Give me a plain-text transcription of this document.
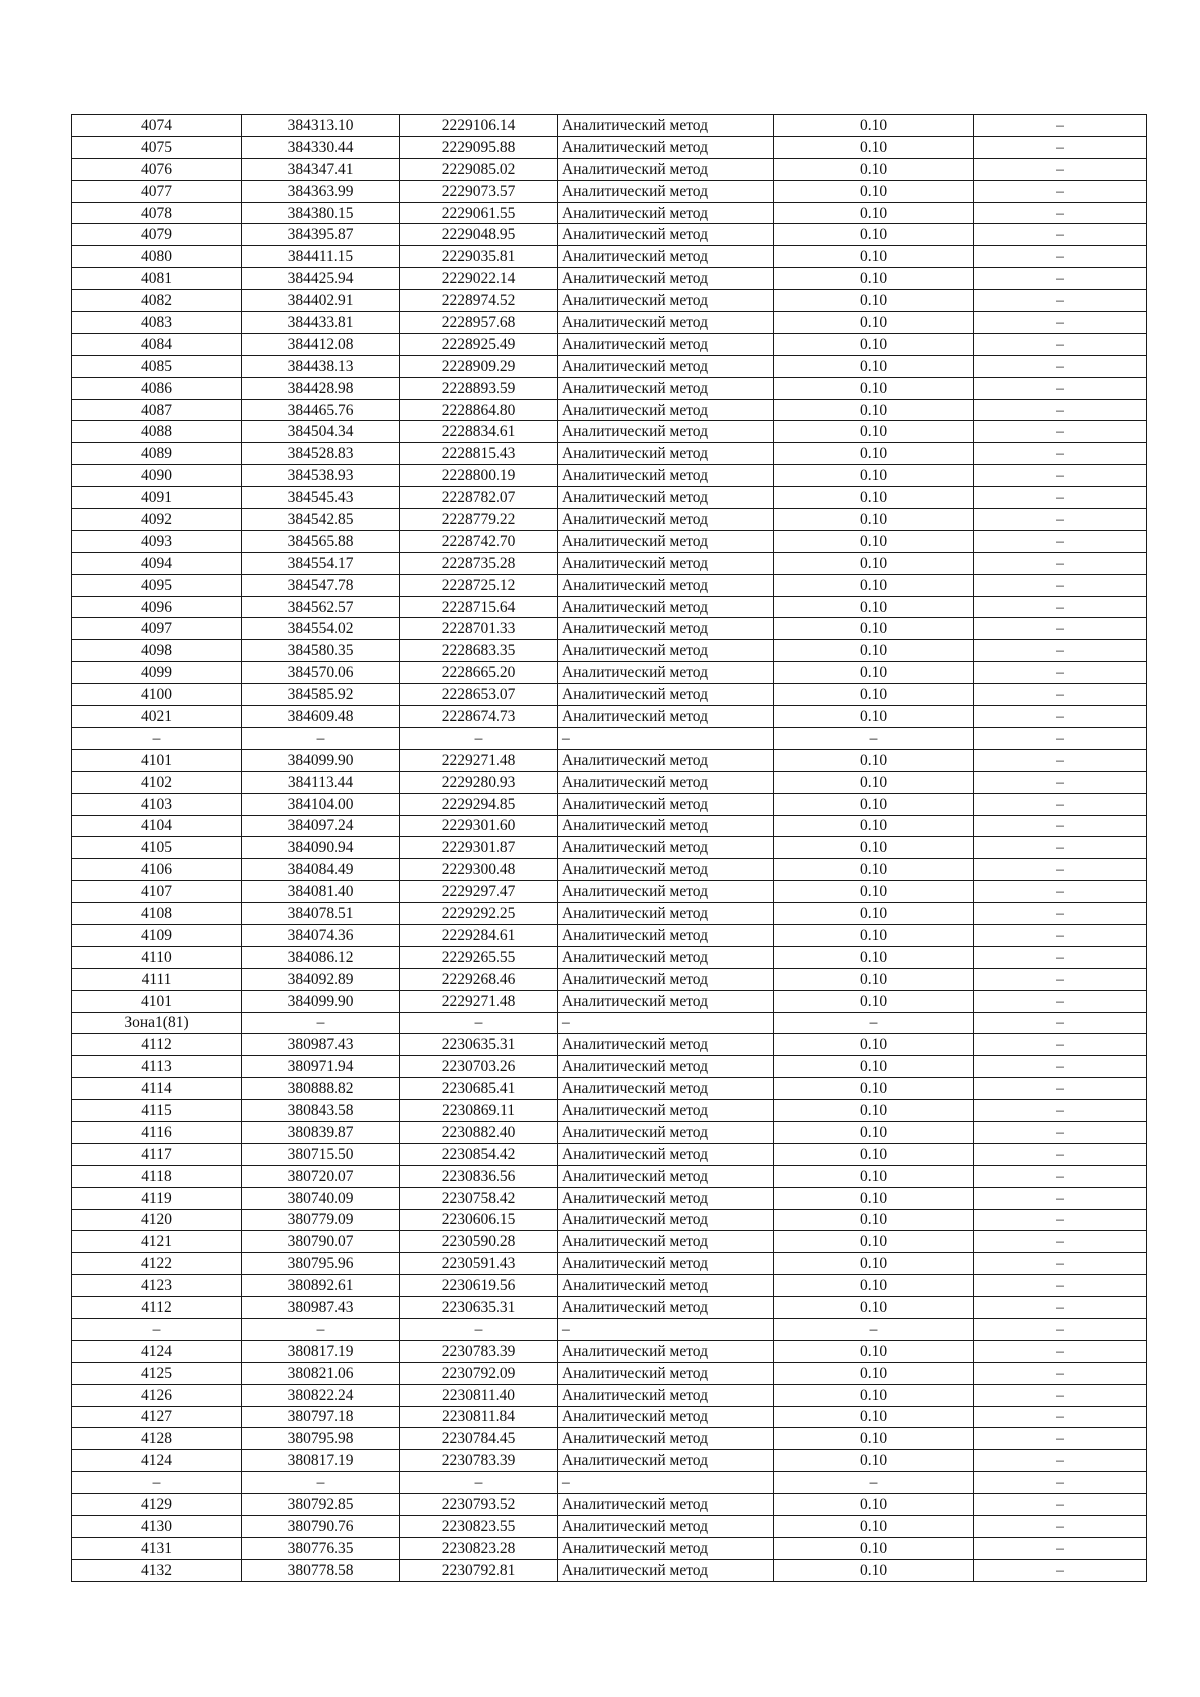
4074	384313.10	2229106.14	Аналитический метод	0.10	–
4075	384330.44	2229095.88	Аналитический метод	0.10	–
4076	384347.41	2229085.02	Аналитический метод	0.10	–
4077	384363.99	2229073.57	Аналитический метод	0.10	–
4078	384380.15	2229061.55	Аналитический метод	0.10	–
4079	384395.87	2229048.95	Аналитический метод	0.10	–
4080	384411.15	2229035.81	Аналитический метод	0.10	–
4081	384425.94	2229022.14	Аналитический метод	0.10	–
4082	384402.91	2228974.52	Аналитический метод	0.10	–
4083	384433.81	2228957.68	Аналитический метод	0.10	–
4084	384412.08	2228925.49	Аналитический метод	0.10	–
4085	384438.13	2228909.29	Аналитический метод	0.10	–
4086	384428.98	2228893.59	Аналитический метод	0.10	–
4087	384465.76	2228864.80	Аналитический метод	0.10	–
4088	384504.34	2228834.61	Аналитический метод	0.10	–
4089	384528.83	2228815.43	Аналитический метод	0.10	–
4090	384538.93	2228800.19	Аналитический метод	0.10	–
4091	384545.43	2228782.07	Аналитический метод	0.10	–
4092	384542.85	2228779.22	Аналитический метод	0.10	–
4093	384565.88	2228742.70	Аналитический метод	0.10	–
4094	384554.17	2228735.28	Аналитический метод	0.10	–
4095	384547.78	2228725.12	Аналитический метод	0.10	–
4096	384562.57	2228715.64	Аналитический метод	0.10	–
4097	384554.02	2228701.33	Аналитический метод	0.10	–
4098	384580.35	2228683.35	Аналитический метод	0.10	–
4099	384570.06	2228665.20	Аналитический метод	0.10	–
4100	384585.92	2228653.07	Аналитический метод	0.10	–
4021	384609.48	2228674.73	Аналитический метод	0.10	–
–	–	–	–	–	–
4101	384099.90	2229271.48	Аналитический метод	0.10	–
4102	384113.44	2229280.93	Аналитический метод	0.10	–
4103	384104.00	2229294.85	Аналитический метод	0.10	–
4104	384097.24	2229301.60	Аналитический метод	0.10	–
4105	384090.94	2229301.87	Аналитический метод	0.10	–
4106	384084.49	2229300.48	Аналитический метод	0.10	–
4107	384081.40	2229297.47	Аналитический метод	0.10	–
4108	384078.51	2229292.25	Аналитический метод	0.10	–
4109	384074.36	2229284.61	Аналитический метод	0.10	–
4110	384086.12	2229265.55	Аналитический метод	0.10	–
4111	384092.89	2229268.46	Аналитический метод	0.10	–
4101	384099.90	2229271.48	Аналитический метод	0.10	–
Зона1(81)	–	–	–	–	–
4112	380987.43	2230635.31	Аналитический метод	0.10	–
4113	380971.94	2230703.26	Аналитический метод	0.10	–
4114	380888.82	2230685.41	Аналитический метод	0.10	–
4115	380843.58	2230869.11	Аналитический метод	0.10	–
4116	380839.87	2230882.40	Аналитический метод	0.10	–
4117	380715.50	2230854.42	Аналитический метод	0.10	–
4118	380720.07	2230836.56	Аналитический метод	0.10	–
4119	380740.09	2230758.42	Аналитический метод	0.10	–
4120	380779.09	2230606.15	Аналитический метод	0.10	–
4121	380790.07	2230590.28	Аналитический метод	0.10	–
4122	380795.96	2230591.43	Аналитический метод	0.10	–
4123	380892.61	2230619.56	Аналитический метод	0.10	–
4112	380987.43	2230635.31	Аналитический метод	0.10	–
–	–	–	–	–	–
4124	380817.19	2230783.39	Аналитический метод	0.10	–
4125	380821.06	2230792.09	Аналитический метод	0.10	–
4126	380822.24	2230811.40	Аналитический метод	0.10	–
4127	380797.18	2230811.84	Аналитический метод	0.10	–
4128	380795.98	2230784.45	Аналитический метод	0.10	–
4124	380817.19	2230783.39	Аналитический метод	0.10	–
–	–	–	–	–	–
4129	380792.85	2230793.52	Аналитический метод	0.10	–
4130	380790.76	2230823.55	Аналитический метод	0.10	–
4131	380776.35	2230823.28	Аналитический метод	0.10	–
4132	380778.58	2230792.81	Аналитический метод	0.10	–
